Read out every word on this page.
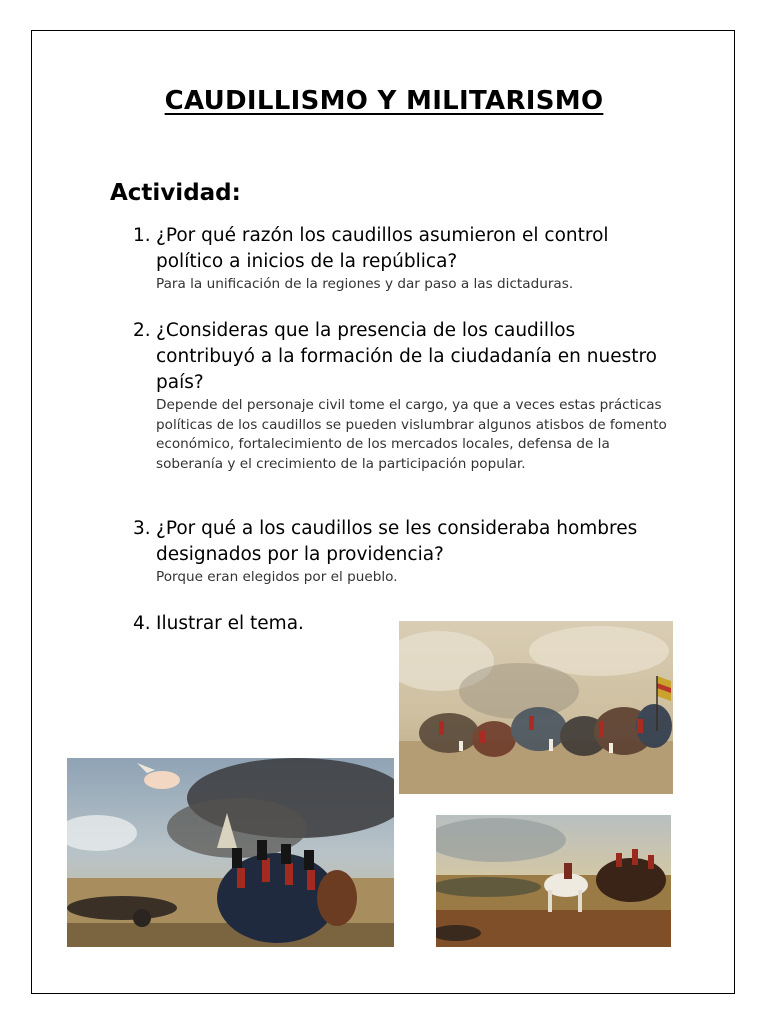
CAUDILLISMO Y MILITARISMO
Actividad:
1. ¿Por qué razón los caudillos asumieron el control político a inicios de la república?
Para la unificación de la regiones y dar paso a las dictaduras.
2. ¿Consideras que la presencia de los caudillos contribuyó a la formación de la ciudadanía en nuestro país?
Depende del personaje civil tome el cargo, ya que a veces estas prácticas políticas de los caudillos se pueden vislumbrar algunos atisbos de fomento económico, fortalecimiento de los mercados locales, defensa de la soberanía y el crecimiento de la participación popular.
3. ¿Por qué a los caudillos se les consideraba hombres designados por la providencia?
Porque eran elegidos por el pueblo.
4. Ilustrar el tema.
